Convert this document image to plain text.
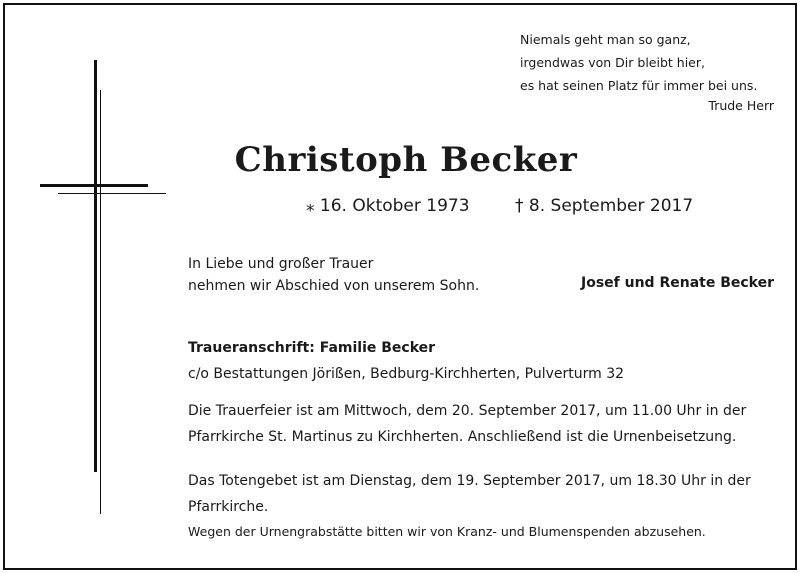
Niemals geht man so ganz,
irgendwas von Dir bleibt hier,
es hat seinen Platz für immer bei uns.
Trude Herr
Christoph Becker
⁎ 16. Oktober 1973	† 8. September 2017
In Liebe und großer Trauer
nehmen wir Abschied von unserem Sohn.	Josef und Renate Becker
Traueranschrift: Familie Becker
c/o Bestattungen Jörißen, Bedburg-Kirchherten, Pulverturm 32
Die Trauerfeier ist am Mittwoch, dem 20. September 2017, um 11.00 Uhr in der
Pfarrkirche St. Martinus zu Kirchherten. Anschließend ist die Urnenbeisetzung.
Das Totengebet ist am Dienstag, dem 19. September 2017, um 18.30 Uhr in der
Pfarrkirche.
Wegen der Urnengrabstätte bitten wir von Kranz- und Blumenspenden abzusehen.
